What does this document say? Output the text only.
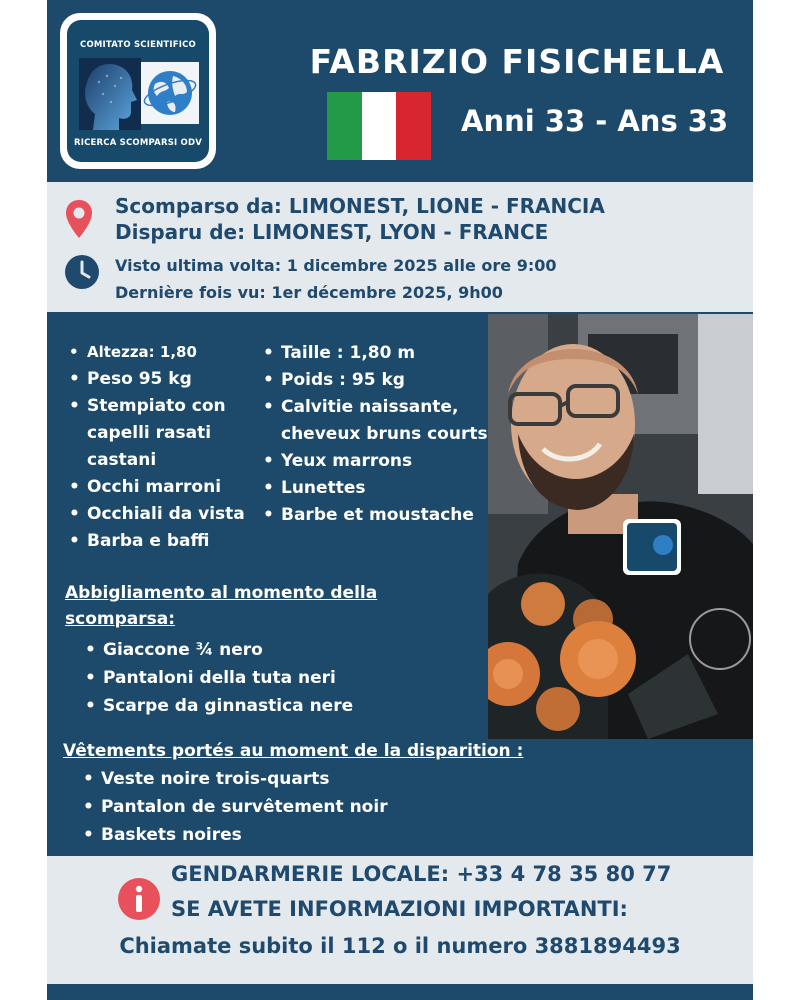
COMITATO SCIENTIFICO
RICERCA SCOMPARSI ODV
FABRIZIO FISICHELLA
Anni 33 - Ans 33
Scomparso da: LIMONEST, LIONE - FRANCIA
Disparu de: LIMONEST, LYON - FRANCE
Visto ultima volta: 1 dicembre 2025 alle ore 9:00
Dernière fois vu: 1er décembre 2025, 9h00
• Altezza: 1,80
• Peso 95 kg
• Stempiato con capelli rasati castani
• Occhi marroni
• Occhiali da vista
• Barba e baffi
• Taille : 1,80 m
• Poids : 95 kg
• Calvitie naissante, cheveux bruns courts
• Yeux marrons
• Lunettes
• Barbe et moustache
Abbigliamento al momento della scomparsa:
• Giaccone ¾ nero
• Pantaloni della tuta neri
• Scarpe da ginnastica nere
Vêtements portés au moment de la disparition :
• Veste noire trois-quarts
• Pantalon de survêtement noir
• Baskets noires
GENDARMERIE LOCALE: +33 4 78 35 80 77
SE AVETE INFORMAZIONI IMPORTANTI:
Chiamate subito il 112 o il numero 3881894493
